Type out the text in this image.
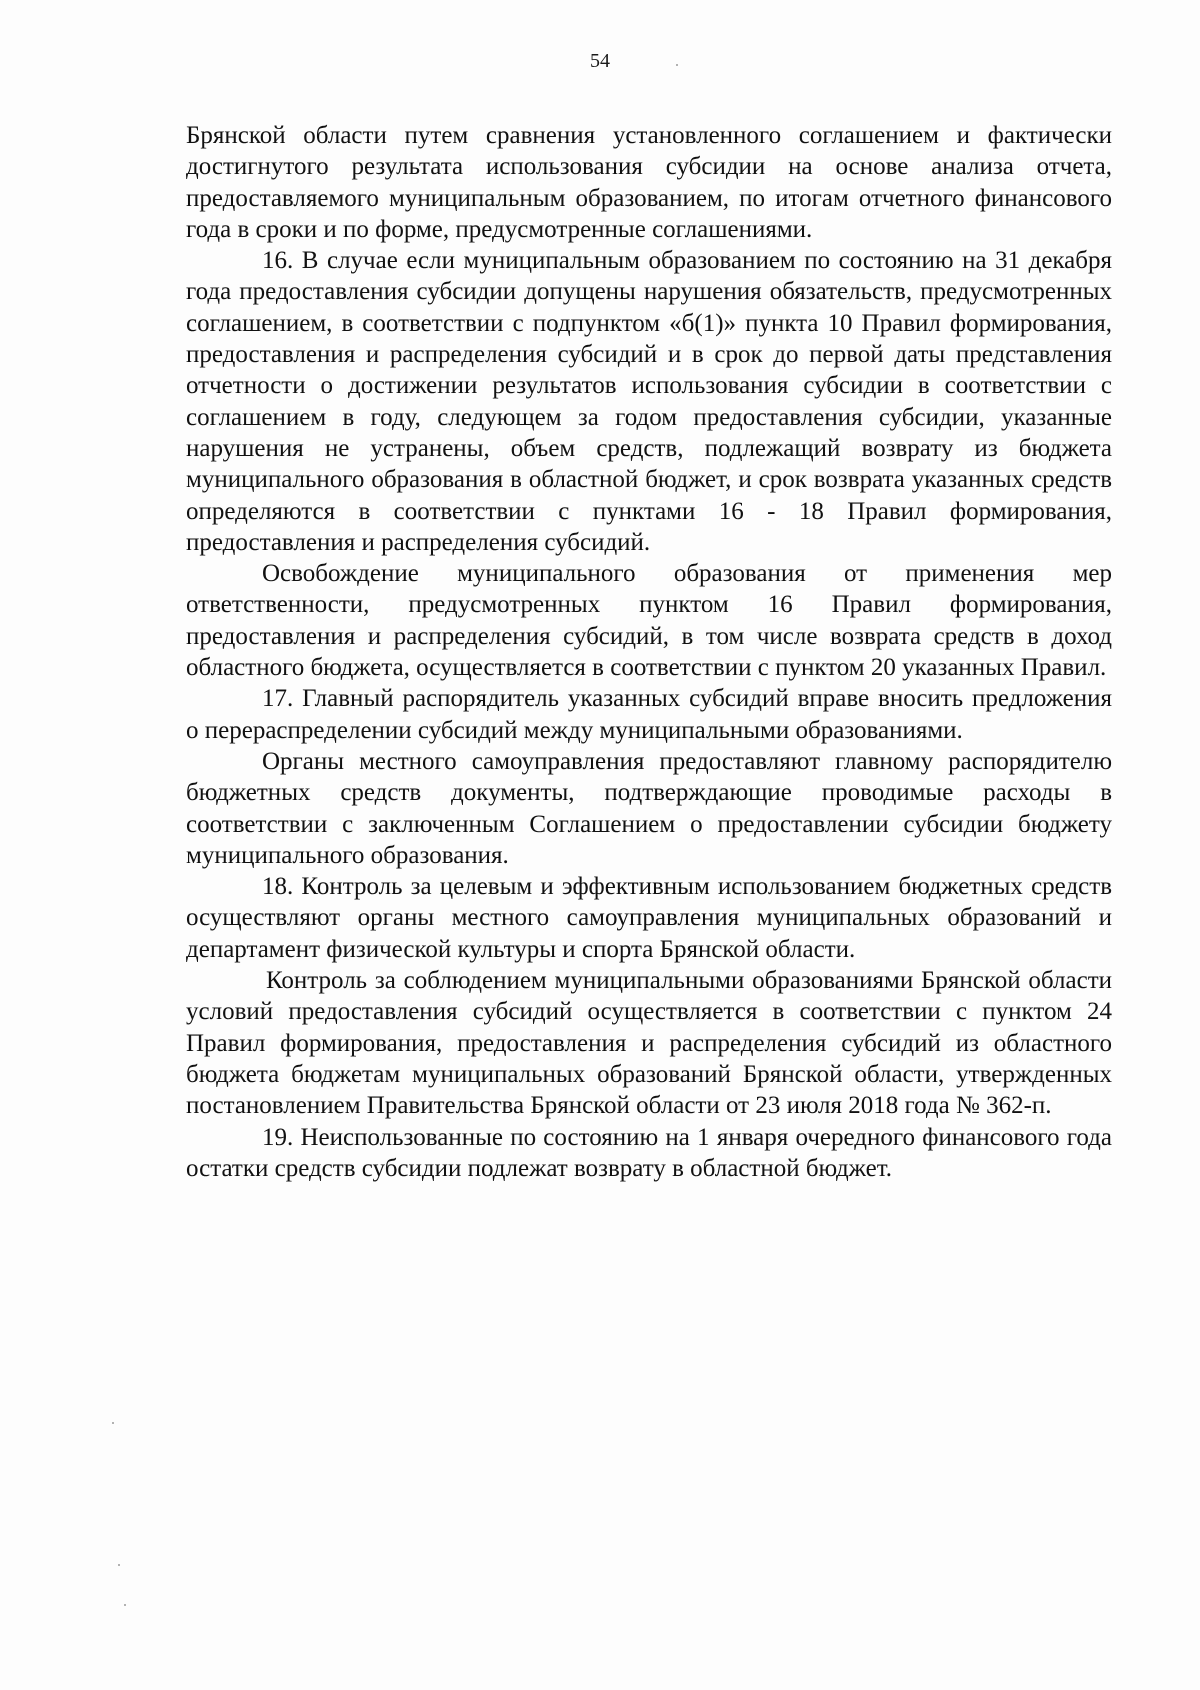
54

Брянской области путем сравнения установленного соглашением и фактически достигнутого результата использования субсидии на основе анализа отчета, предоставляемого муниципальным образованием, по итогам отчетного финансового года в сроки и по форме, предусмотренные соглашениями.

16. В случае если муниципальным образованием по состоянию на 31 декабря года предоставления субсидии допущены нарушения обязательств, предусмотренных соглашением, в соответствии с подпунктом «б(1)» пункта 10 Правил формирования, предоставления и распределения субсидий и в срок до первой даты представления отчетности о достижении результатов использования субсидии в соответствии с соглашением в году, следующем за годом предоставления субсидии, указанные нарушения не устранены, объем средств, подлежащий возврату из бюджета муниципального образования в областной бюджет, и срок возврата указанных средств определяются в соответствии с пунктами 16 - 18 Правил формирования, предоставления и распределения субсидий.

Освобождение муниципального образования от применения мер ответственности, предусмотренных пунктом 16 Правил формирования, предоставления и распределения субсидий, в том числе возврата средств в доход областного бюджета, осуществляется в соответствии с пунктом 20 указанных Правил.

17. Главный распорядитель указанных субсидий вправе вносить предложения о перераспределении субсидий между муниципальными образованиями.

Органы местного самоуправления предоставляют главному распорядителю бюджетных средств документы, подтверждающие проводимые расходы в соответствии с заключенным Соглашением о предоставлении субсидии бюджету муниципального образования.

18. Контроль за целевым и эффективным использованием бюджетных средств осуществляют органы местного самоуправления муниципальных образований и департамент физической культуры и спорта Брянской области.

Контроль за соблюдением муниципальными образованиями Брянской области условий предоставления субсидий осуществляется в соответствии с пунктом 24 Правил формирования, предоставления и распределения субсидий из областного бюджета бюджетам муниципальных образований Брянской области, утвержденных постановлением Правительства Брянской области от 23 июля 2018 года № 362-п.

19. Неиспользованные по состоянию на 1 января очередного финансового года остатки средств субсидии подлежат возврату в областной бюджет.
